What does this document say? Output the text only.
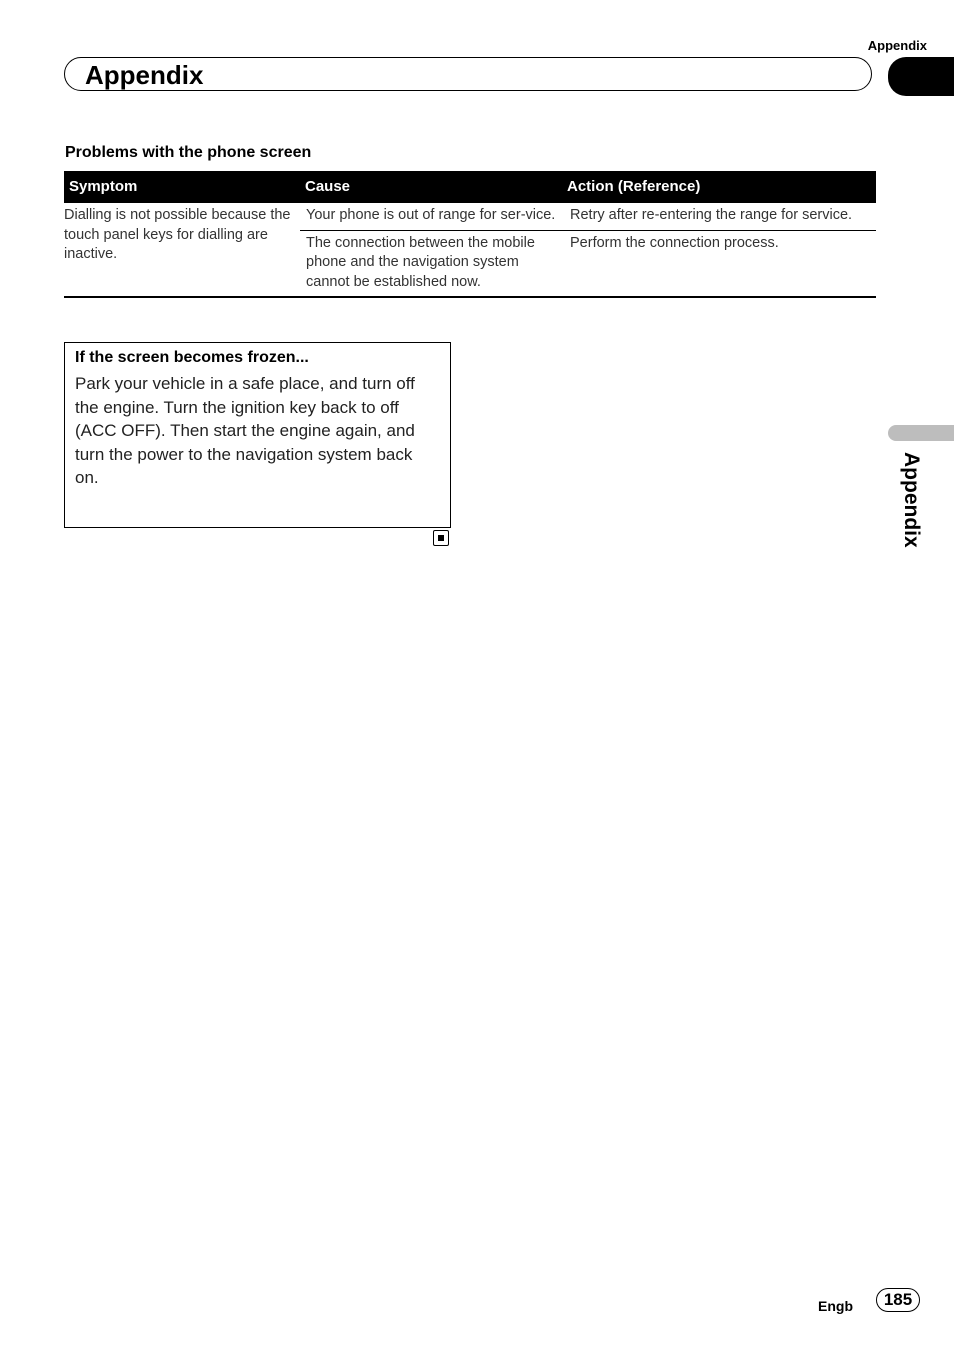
Appendix
Appendix
Problems with the phone screen
Symptom	Cause	Action (Reference)
Dialling is not possible because the touch panel keys for dialling are inactive.	Your phone is out of range for ser-vice.	Retry after re-entering the range for service.
	The connection between the mobile phone and the navigation system cannot be established now.	Perform the connection process.
If the screen becomes frozen...
Park your vehicle in a safe place, and turn off the engine. Turn the ignition key back to off (ACC OFF). Then start the engine again, and turn the power to the navigation system back on.	Appendix
Engb	185
